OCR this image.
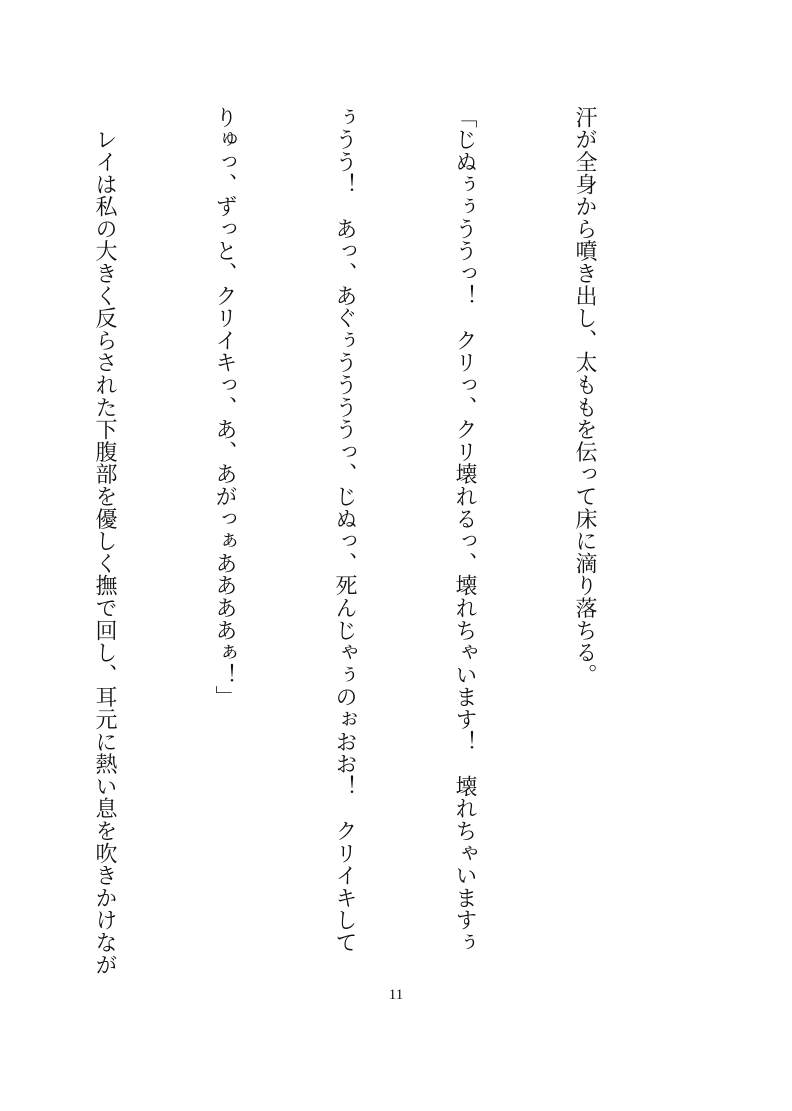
汗が全身から噴き出し、太ももを伝って床に滴り落ちる。

「じぬぅぅううっ！　クリっ、クリ壊れるっ、壊れちゃいます！　壊れちゃいますぅ

ぅうう！　あっ、あぐぅううううっ、じぬっ、死んじゃぅのぉおお！　クリイキして

りゅっ、ずっと、クリイキっ、あ、あがっぁああああぁ！」

　レイは私の大きく反らされた下腹部を優しく撫で回し、耳元に熱い息を吹きかけなが

11
